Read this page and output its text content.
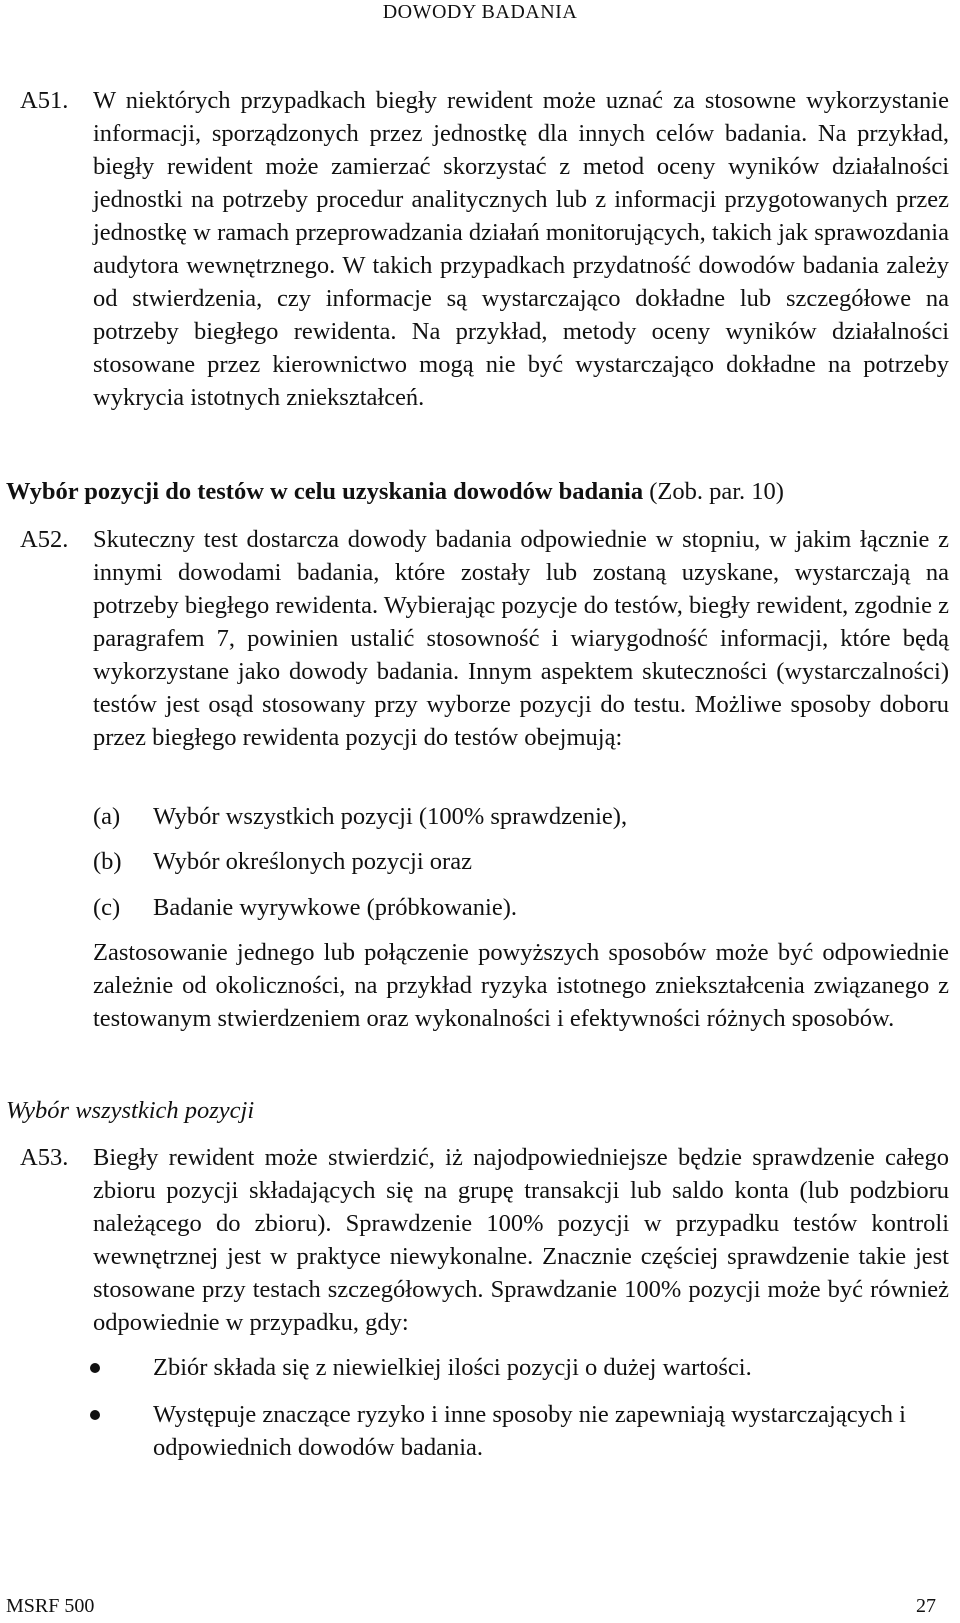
DOWODY BADANIA
A51. W niektórych przypadkach biegły rewident może uznać za stosowne wykorzystanie informacji, sporządzonych przez jednostkę dla innych celów badania. Na przykład, biegły rewident może zamierzać skorzystać z metod oceny wyników działalności jednostki na potrzeby procedur analitycznych lub z informacji przygotowanych przez jednostkę w ramach przeprowadzania działań monitorujących, takich jak sprawozdania audytora wewnętrznego. W takich przypadkach przydatność dowodów badania zależy od stwierdzenia, czy informacje są wystarczająco dokładne lub szczegółowe na potrzeby biegłego rewidenta. Na przykład, metody oceny wyników działalności stosowane przez kierownictwo mogą nie być wystarczająco dokładne na potrzeby wykrycia istotnych zniekształceń.
Wybór pozycji do testów w celu uzyskania dowodów badania (Zob. par. 10)
A52. Skuteczny test dostarcza dowody badania odpowiednie w stopniu, w jakim łącznie z innymi dowodami badania, które zostały lub zostaną uzyskane, wystarczają na potrzeby biegłego rewidenta. Wybierając pozycje do testów, biegły rewident, zgodnie z paragrafem 7, powinien ustalić stosowność i wiarygodność informacji, które będą wykorzystane jako dowody badania. Innym aspektem skuteczności (wystarczalności) testów jest osąd stosowany przy wyborze pozycji do testu. Możliwe sposoby doboru przez biegłego rewidenta pozycji do testów obejmują:
(a) Wybór wszystkich pozycji (100% sprawdzenie),
(b) Wybór określonych pozycji oraz
(c) Badanie wyrywkowe (próbkowanie).
Zastosowanie jednego lub połączenie powyższych sposobów może być odpowiednie zależnie od okoliczności, na przykład ryzyka istotnego zniekształcenia związanego z testowanym stwierdzeniem oraz wykonalności i efektywności różnych sposobów.
Wybór wszystkich pozycji
A53. Biegły rewident może stwierdzić, iż najodpowiedniejsze będzie sprawdzenie całego zbioru pozycji składających się na grupę transakcji lub saldo konta (lub podzbioru należącego do zbioru). Sprawdzenie 100% pozycji w przypadku testów kontroli wewnętrznej jest w praktyce niewykonalne. Znacznie częściej sprawdzenie takie jest stosowane przy testach szczegółowych. Sprawdzanie 100% pozycji może być również odpowiednie w przypadku, gdy:
Zbiór składa się z niewielkiej ilości pozycji o dużej wartości.
Występuje znaczące ryzyko i inne sposoby nie zapewniają wystarczających i odpowiednich dowodów badania.
MSRF 500	27
